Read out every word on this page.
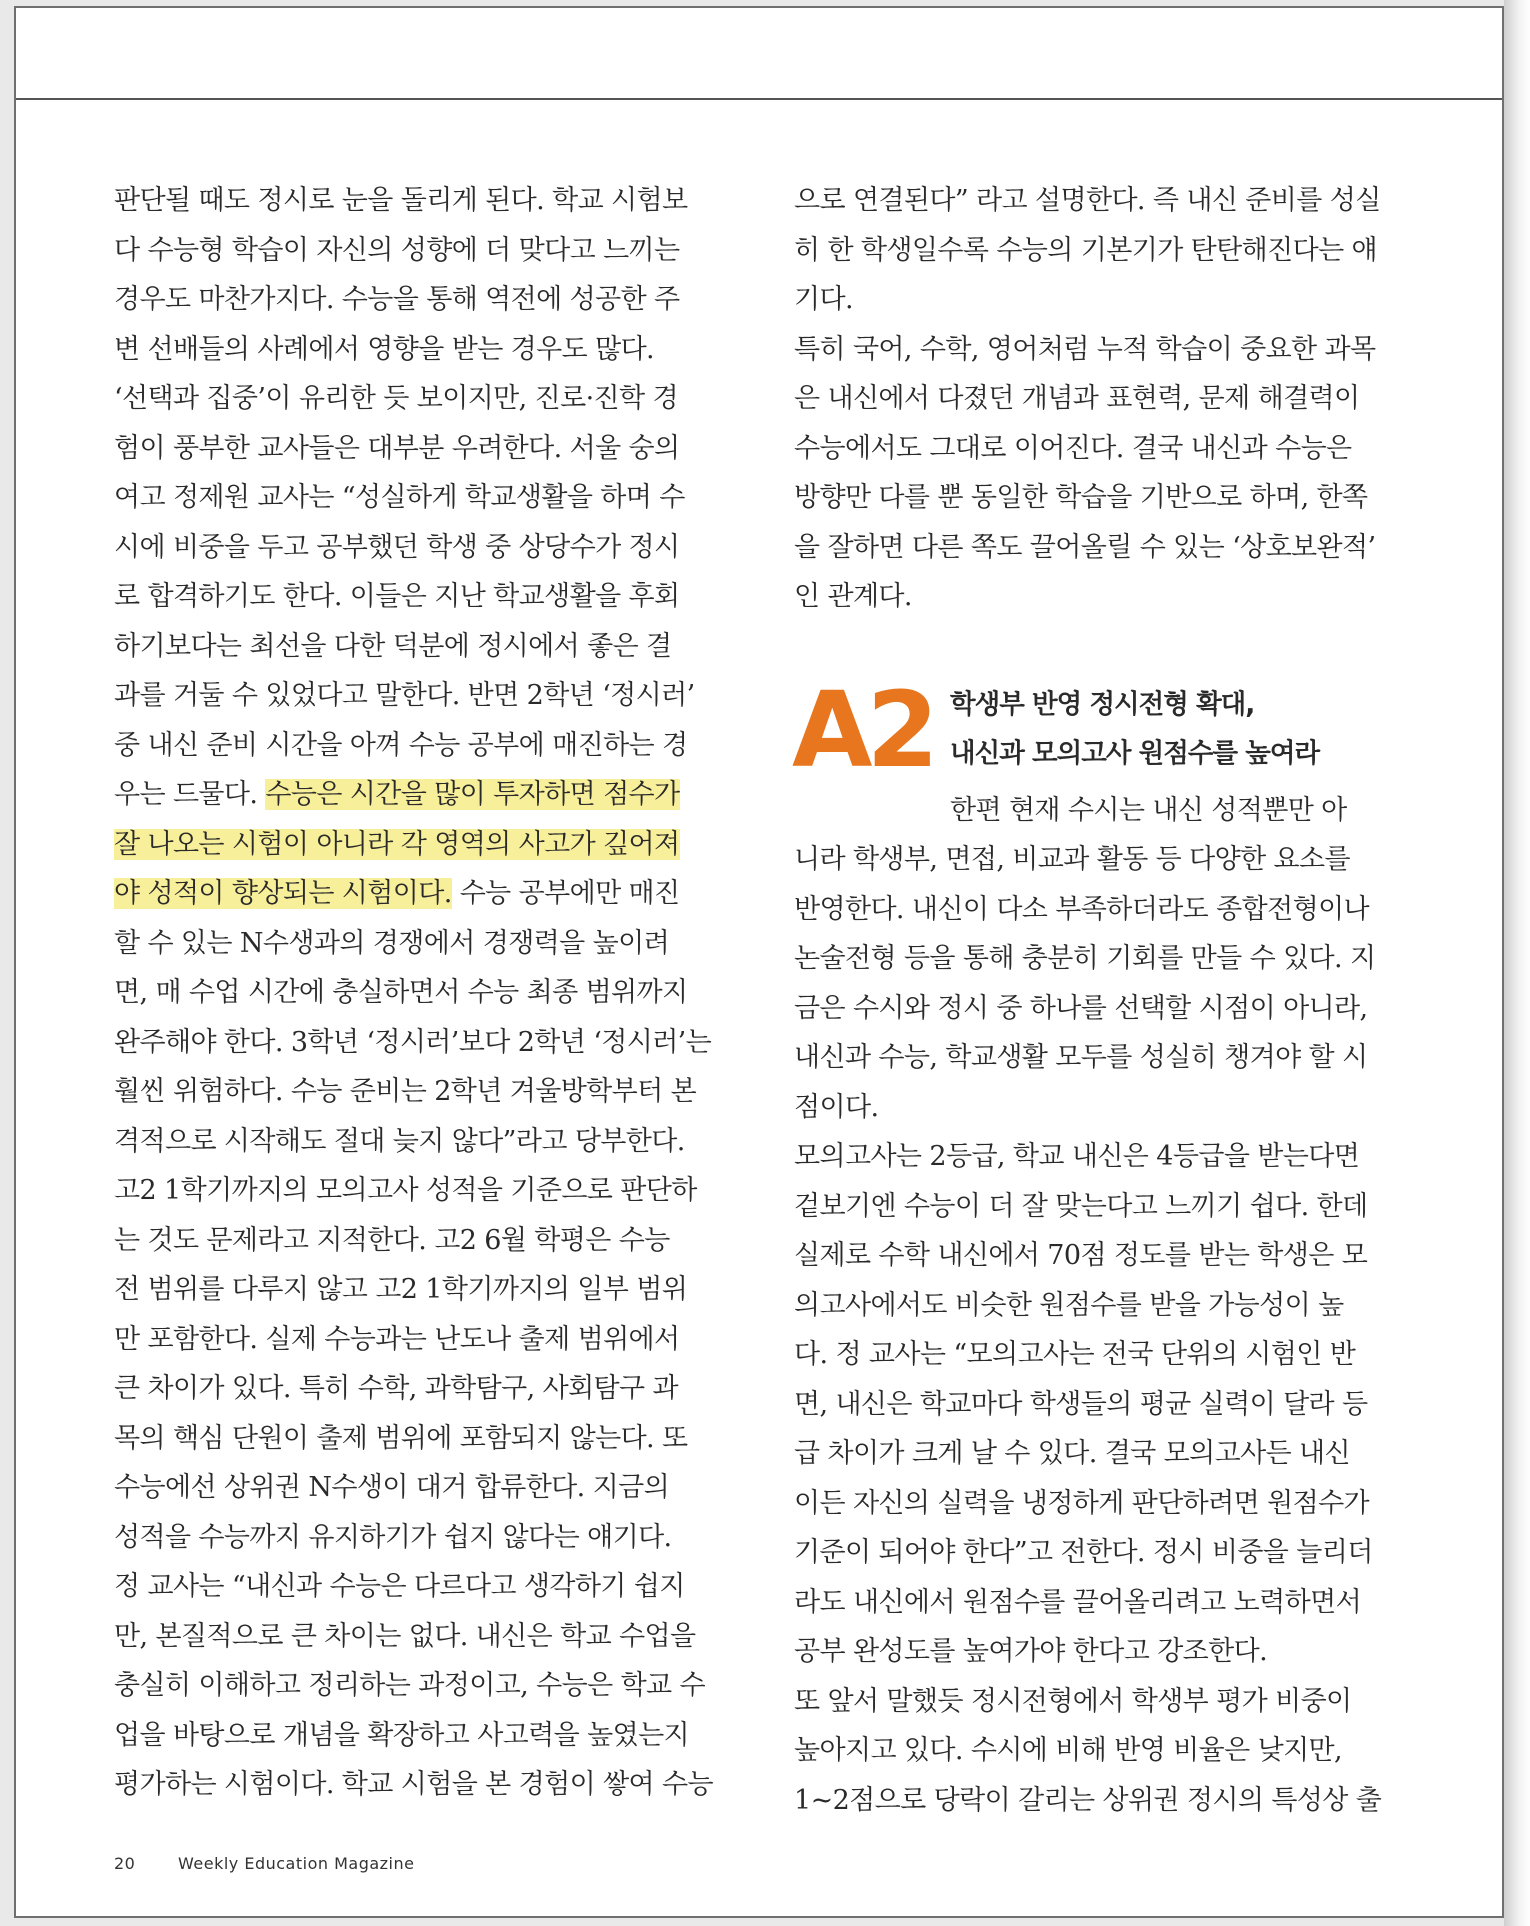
판단될 때도 정시로 눈을 돌리게 된다. 학교 시험보
다 수능형 학습이 자신의 성향에 더 맞다고 느끼는
경우도 마찬가지다. 수능을 통해 역전에 성공한 주
변 선배들의 사례에서 영향을 받는 경우도 많다.
‘선택과 집중’이 유리한 듯 보이지만, 진로·진학 경
험이 풍부한 교사들은 대부분 우려한다. 서울 숭의
여고 정제원 교사는 “성실하게 학교생활을 하며 수
시에 비중을 두고 공부했던 학생 중 상당수가 정시
로 합격하기도 한다. 이들은 지난 학교생활을 후회
하기보다는 최선을 다한 덕분에 정시에서 좋은 결
과를 거둘 수 있었다고 말한다. 반면 2학년 ‘정시러’
중 내신 준비 시간을 아껴 수능 공부에 매진하는 경
우는 드물다. 수능은 시간을 많이 투자하면 점수가
잘 나오는 시험이 아니라 각 영역의 사고가 깊어져
야 성적이 향상되는 시험이다. 수능 공부에만 매진
할 수 있는 N수생과의 경쟁에서 경쟁력을 높이려
면, 매 수업 시간에 충실하면서 수능 최종 범위까지
완주해야 한다. 3학년 ‘정시러’보다 2학년 ‘정시러’는
훨씬 위험하다. 수능 준비는 2학년 겨울방학부터 본
격적으로 시작해도 절대 늦지 않다”라고 당부한다.
고2 1학기까지의 모의고사 성적을 기준으로 판단하
는 것도 문제라고 지적한다. 고2 6월 학평은 수능
전 범위를 다루지 않고 고2 1학기까지의 일부 범위
만 포함한다. 실제 수능과는 난도나 출제 범위에서
큰 차이가 있다. 특히 수학, 과학탐구, 사회탐구 과
목의 핵심 단원이 출제 범위에 포함되지 않는다. 또
수능에선 상위권 N수생이 대거 합류한다. 지금의
성적을 수능까지 유지하기가 쉽지 않다는 얘기다.
정 교사는 “내신과 수능은 다르다고 생각하기 쉽지
만, 본질적으로 큰 차이는 없다. 내신은 학교 수업을
충실히 이해하고 정리하는 과정이고, 수능은 학교 수
업을 바탕으로 개념을 확장하고 사고력을 높였는지
평가하는 시험이다. 학교 시험을 본 경험이 쌓여 수능
으로 연결된다” 라고 설명한다. 즉 내신 준비를 성실
히 한 학생일수록 수능의 기본기가 탄탄해진다는 얘
기다.
특히 국어, 수학, 영어처럼 누적 학습이 중요한 과목
은 내신에서 다졌던 개념과 표현력, 문제 해결력이
수능에서도 그대로 이어진다. 결국 내신과 수능은
방향만 다를 뿐 동일한 학습을 기반으로 하며, 한쪽
을 잘하면 다른 쪽도 끌어올릴 수 있는 ‘상호보완적’
인 관계다.
A2 학생부 반영 정시전형 확대,
내신과 모의고사 원점수를 높여라
한편 현재 수시는 내신 성적뿐만 아
니라 학생부, 면접, 비교과 활동 등 다양한 요소를
반영한다. 내신이 다소 부족하더라도 종합전형이나
논술전형 등을 통해 충분히 기회를 만들 수 있다. 지
금은 수시와 정시 중 하나를 선택할 시점이 아니라,
내신과 수능, 학교생활 모두를 성실히 챙겨야 할 시
점이다.
모의고사는 2등급, 학교 내신은 4등급을 받는다면
겉보기엔 수능이 더 잘 맞는다고 느끼기 쉽다. 한데
실제로 수학 내신에서 70점 정도를 받는 학생은 모
의고사에서도 비슷한 원점수를 받을 가능성이 높
다. 정 교사는 “모의고사는 전국 단위의 시험인 반
면, 내신은 학교마다 학생들의 평균 실력이 달라 등
급 차이가 크게 날 수 있다. 결국 모의고사든 내신
이든 자신의 실력을 냉정하게 판단하려면 원점수가
기준이 되어야 한다”고 전한다. 정시 비중을 늘리더
라도 내신에서 원점수를 끌어올리려고 노력하면서
공부 완성도를 높여가야 한다고 강조한다.
또 앞서 말했듯 정시전형에서 학생부 평가 비중이
높아지고 있다. 수시에 비해 반영 비율은 낮지만,
1~2점으로 당락이 갈리는 상위권 정시의 특성상 출
20	Weekly Education Magazine
